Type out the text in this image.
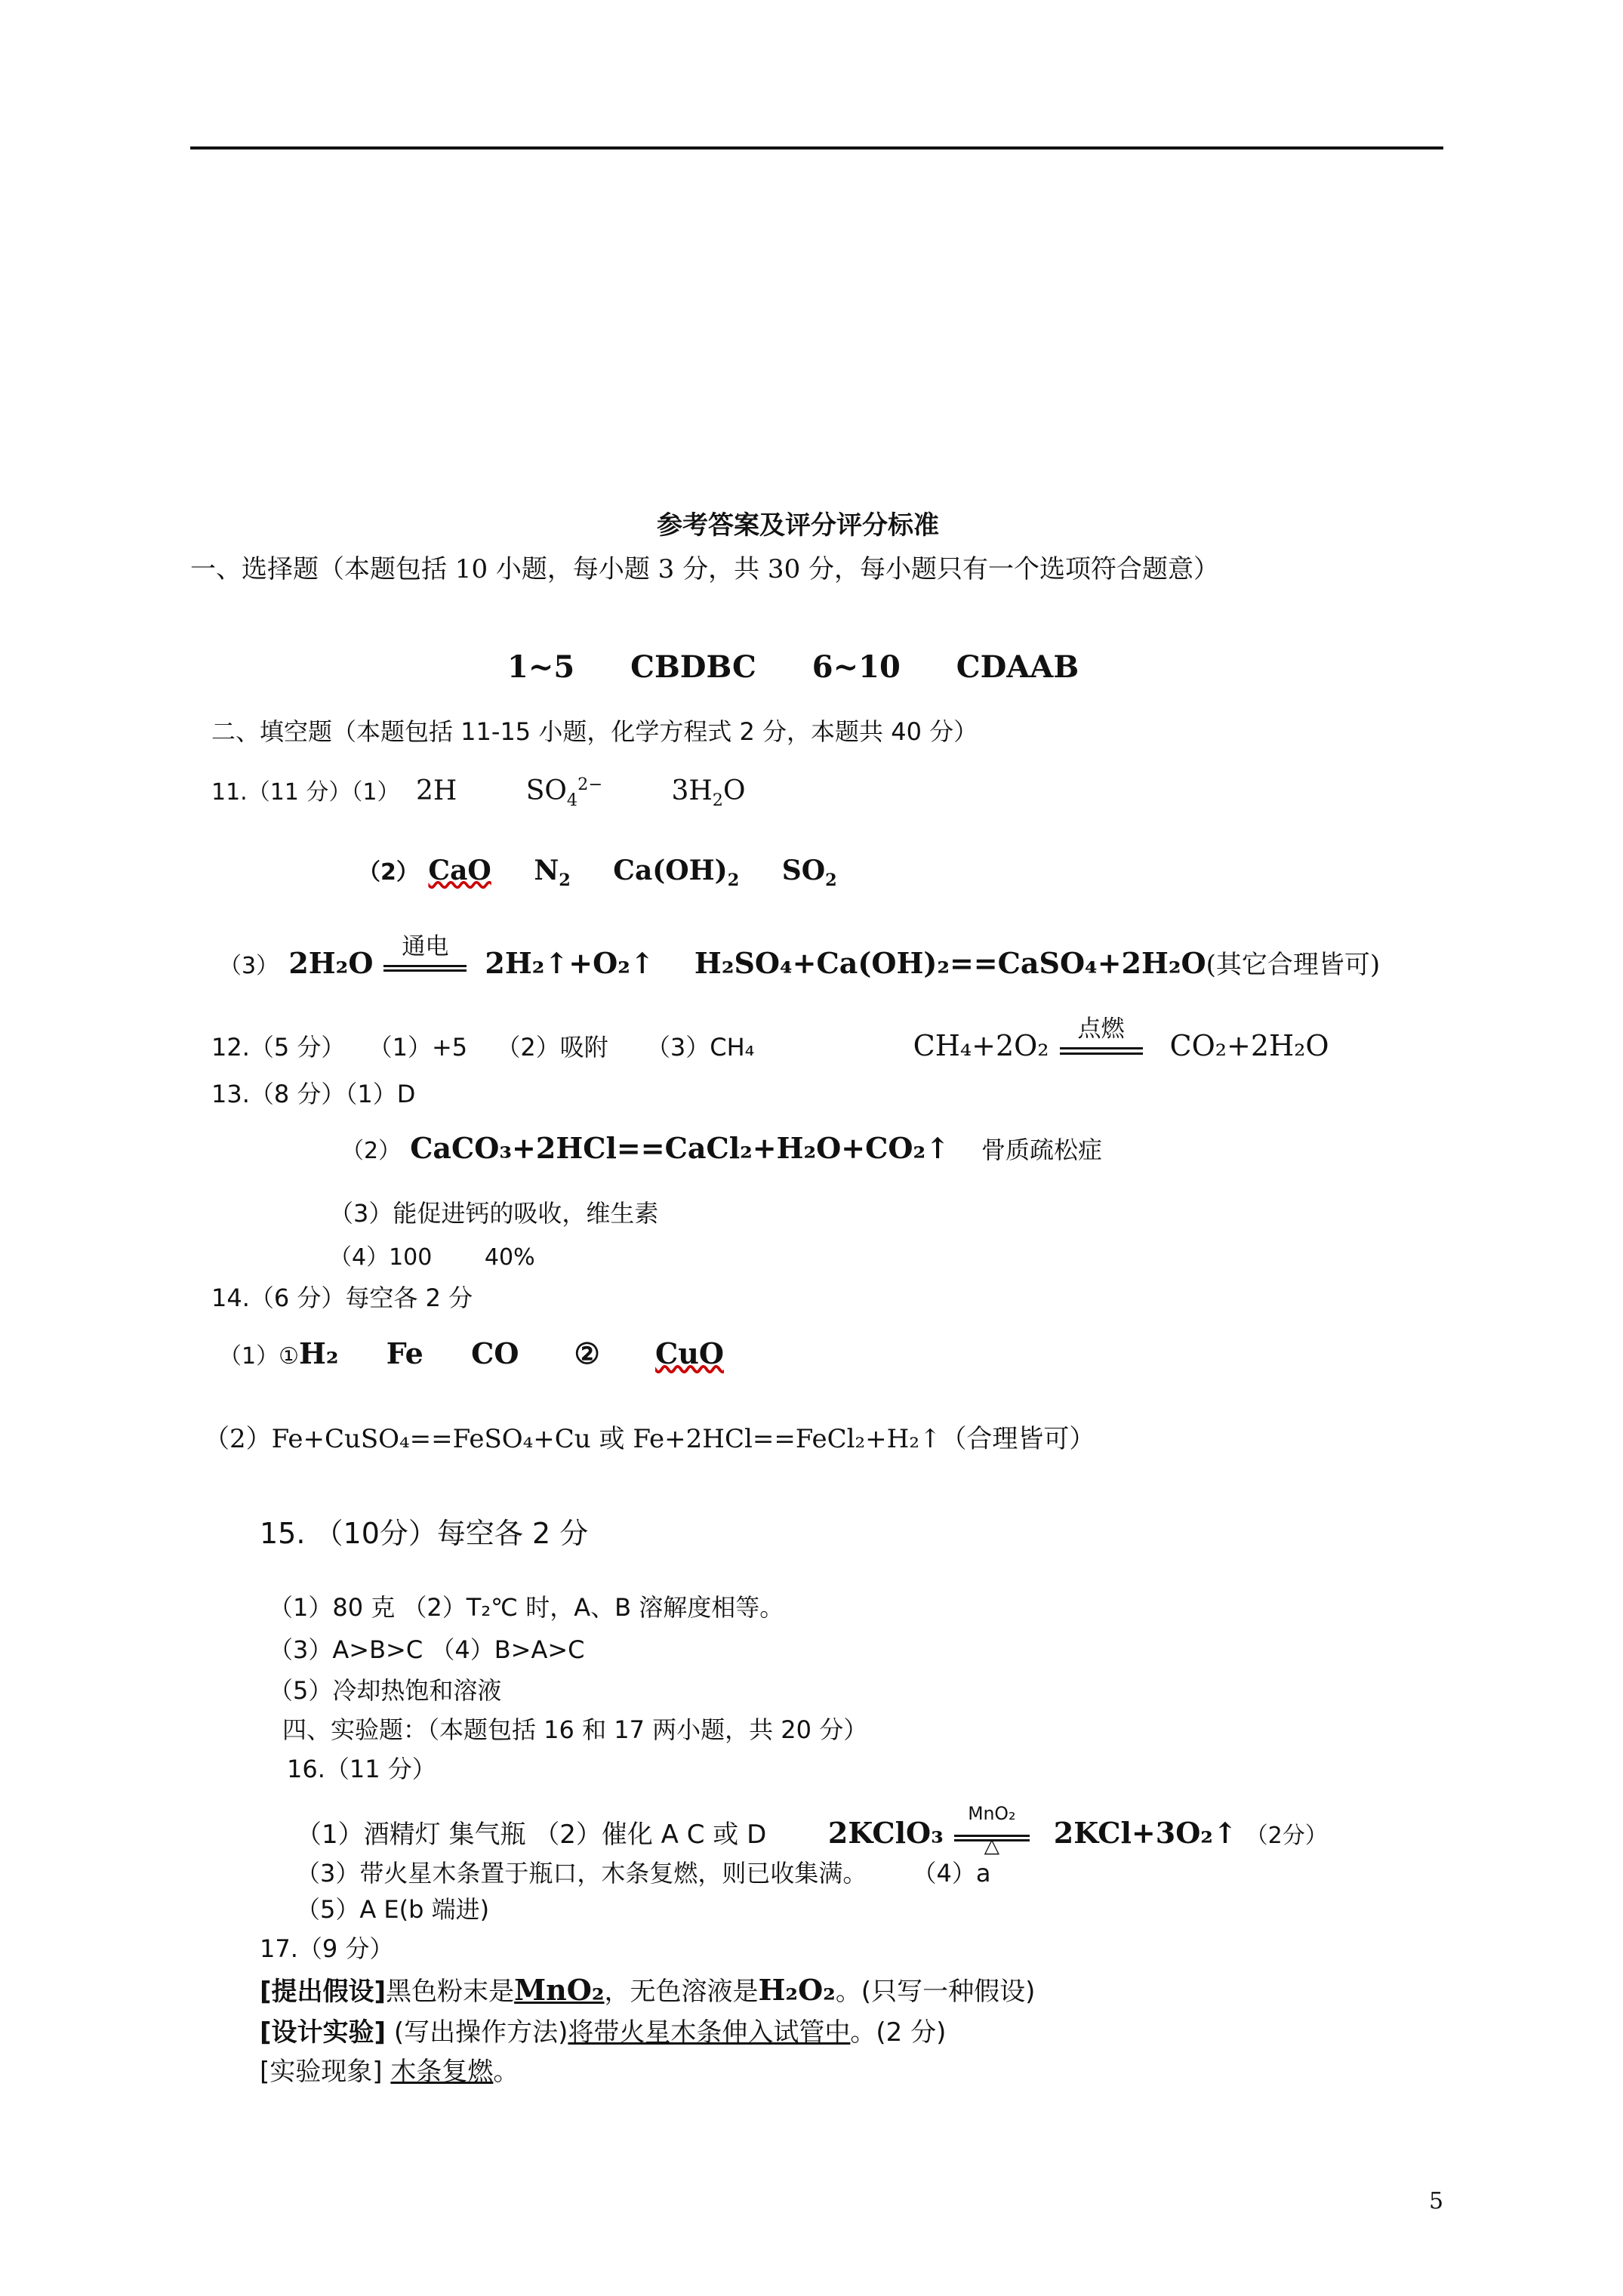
参考答案及评分评分标准
一、选择题（本题包括 10 小题，每小题 3 分，共 30 分，每小题只有一个选项符合题意）
1~5 CBDBC 6~10 CDAAB
二、填空题（本题包括 11-15 小题，化学方程式 2 分，本题共 40 分）
11.（11 分）（1） 2H	$SO_4^{2-}$	$3H_2O$
（2） CaO $N_2$ $Ca(OH)_2$ $SO_2$
（3） 2H₂O	通电	2H₂↑+O₂↑ H₂SO₄+Ca(OH)₂==CaSO₄+2H₂O(其它合理皆可)
12.（5 分） （1）+5 （2）吸附 （3）CH₄	CH₄+2O₂	点燃	CO₂+2H₂O
13.（8 分）（1）D
（2） CaCO₃+2HCl==CaCl₂+H₂O+CO₂↑ 骨质疏松症
（3）能促进钙的吸收，维生素
（4）100 40%
14.（6 分）每空各 2 分
（1）①H₂ Fe CO ② CuO
（2）Fe+CuSO₄==FeSO₄+Cu 或 Fe+2HCl==FeCl₂+H₂↑（合理皆可）
15. （10分）每空各 2 分
（1）80 克 （2）T₂℃ 时，A、B 溶解度相等。
（3）A>B>C （4）B>A>C
（5）冷却热饱和溶液
四、实验题：（本题包括 16 和 17 两小题，共 20 分）
16.（11 分）
（1）酒精灯 集气瓶 （2）催化 A C 或 D 2KClO₃
MnO₂
△	2KCl+3O₂↑ （2分）
（3）带火星木条置于瓶口，木条复燃，则已收集满。 （4）a
（5）A E(b 端进)
17.（9 分）
[提出假设]黑色粉末是MnO₂，无色溶液是H₂O₂。(只写一种假设)
[设计实验] (写出操作方法)将带火星木条伸入试管中。(2 分)
[实验现象] 木条复燃。
5
